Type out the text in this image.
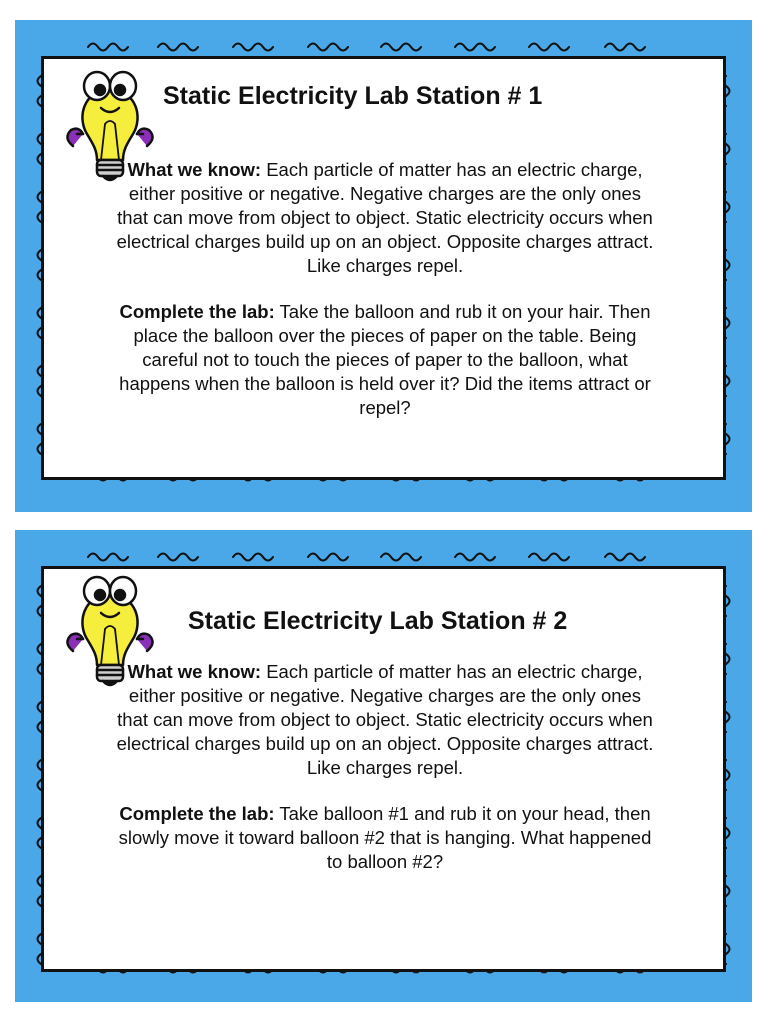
Static Electricity Lab Station # 1

What we know: Each particle of matter has an electric charge, either positive or negative. Negative charges are the only ones that can move from object to object. Static electricity occurs when electrical charges build up on an object. Opposite charges attract. Like charges repel.

Complete the lab: Take the balloon and rub it on your hair. Then place the balloon over the pieces of paper on the table. Being careful not to touch the pieces of paper to the balloon, what happens when the balloon is held over it? Did the items attract or repel?

Static Electricity Lab Station # 2

What we know: Each particle of matter has an electric charge, either positive or negative. Negative charges are the only ones that can move from object to object. Static electricity occurs when electrical charges build up on an object. Opposite charges attract. Like charges repel.

Complete the lab: Take balloon #1 and rub it on your head, then slowly move it toward balloon #2 that is hanging. What happened to balloon #2?
